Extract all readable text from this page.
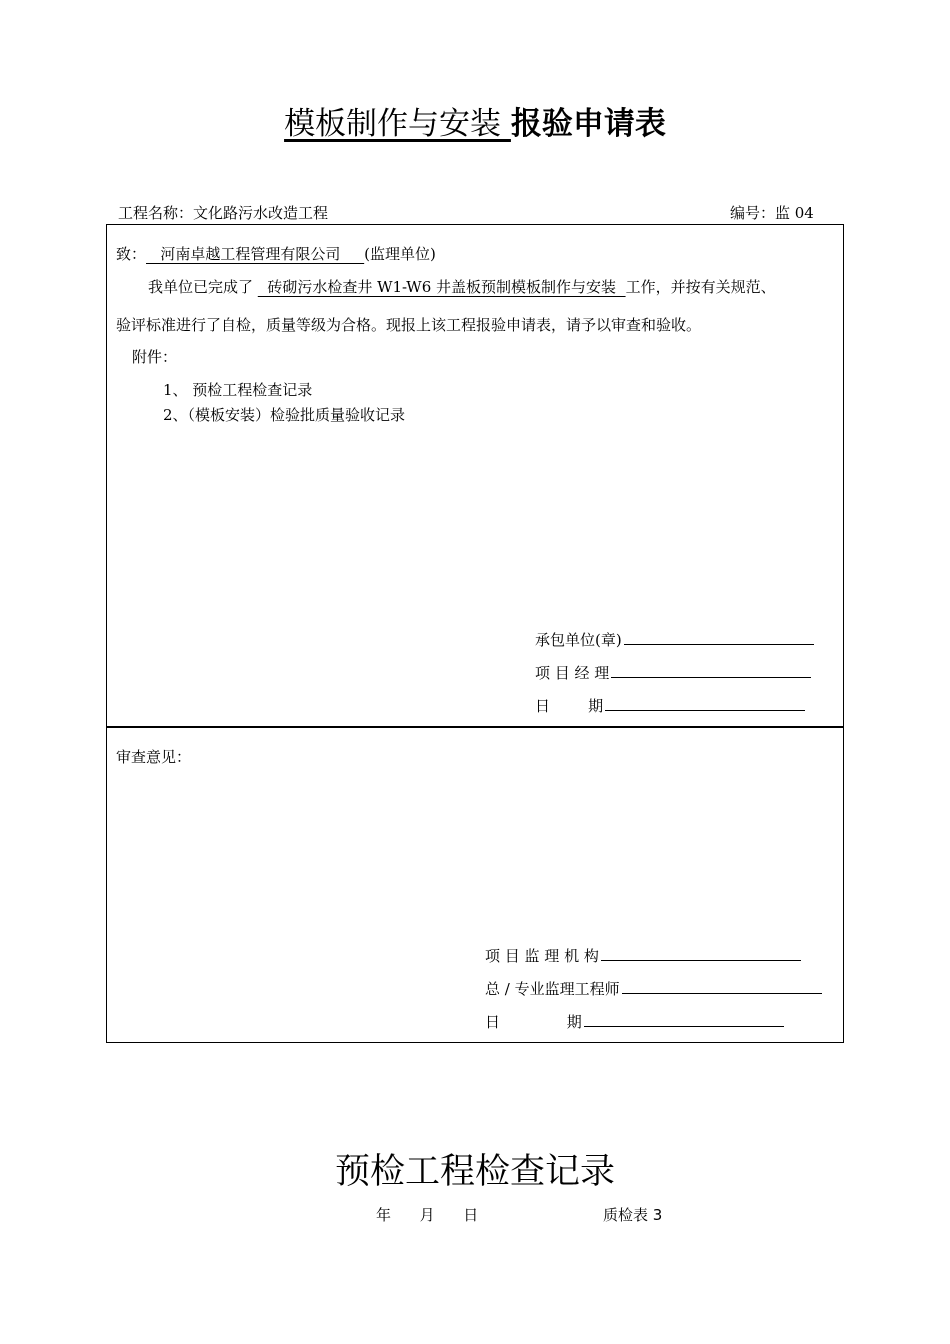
模板制作与安装 报验申请表
工程名称：文化路污水改造工程	编号：监 04
致：   河南卓越工程管理有限公司     (监理单位)
我单位已完成了   砖砌污水检查井 W1-W6 井盖板预制模板制作与安装  工作，并按有关规范、
验评标准进行了自检，质量等级为合格。现报上该工程报验申请表，请予以审查和验收。
附件：
1、 预检工程检查记录
2、（模板安装）检验批质量验收记录
承包单位(章)
项 目 经 理
日        期
审查意见：
项 目 监 理 机 构
总 / 专业监理工程师
日              期
预检工程检查记录
年      月      日	质检表 3
